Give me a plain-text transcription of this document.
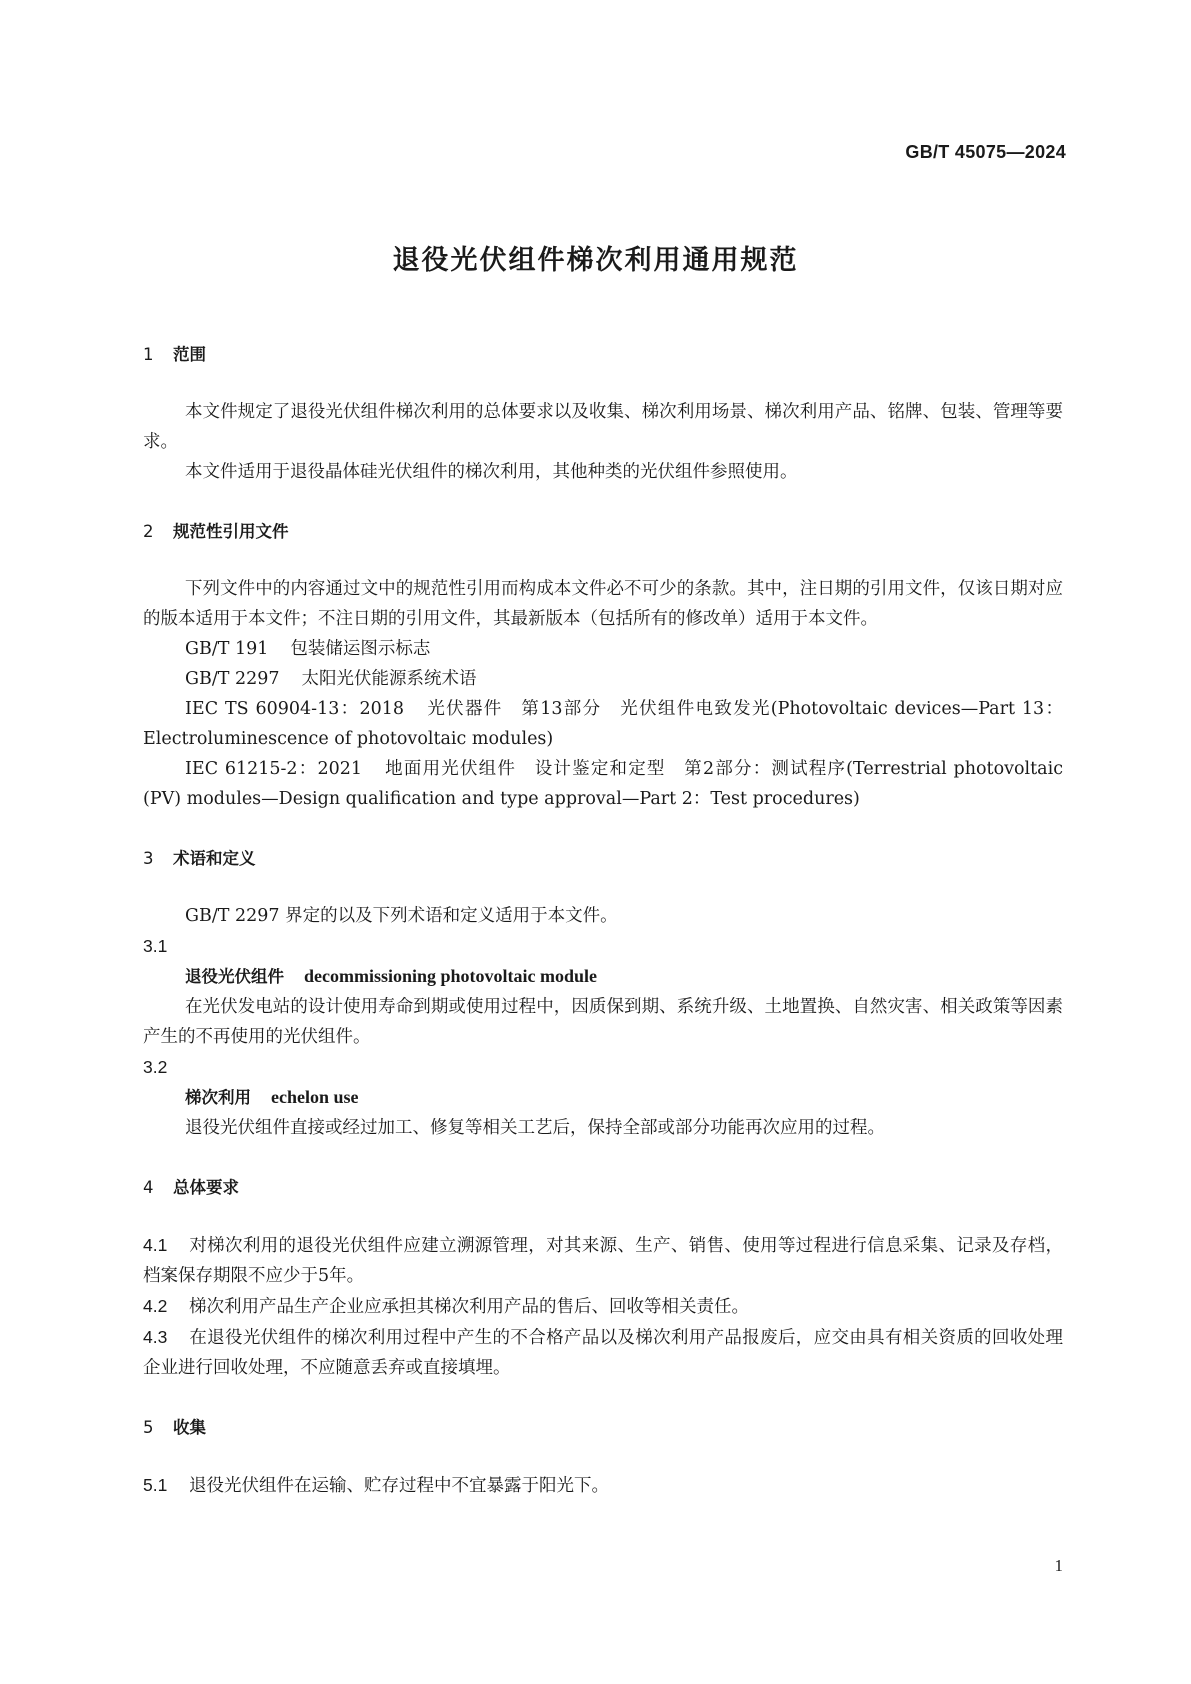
GB/T 45075—2024
退役光伏组件梯次利用通用规范
1 范围
本文件规定了退役光伏组件梯次利用的总体要求以及收集、梯次利用场景、梯次利用产品、铭牌、包装、管理等要求。
本文件适用于退役晶体硅光伏组件的梯次利用，其他种类的光伏组件参照使用。
2 规范性引用文件
下列文件中的内容通过文中的规范性引用而构成本文件必不可少的条款。其中，注日期的引用文件，仅该日期对应的版本适用于本文件；不注日期的引用文件，其最新版本（包括所有的修改单）适用于本文件。
GB/T 191 包装储运图示标志
GB/T 2297 太阳光伏能源系统术语
IEC TS 60904-13：2018 光伏器件　第13部分　光伏组件电致发光(Photovoltaic devices—Part 13：Electroluminescence of photovoltaic modules)
IEC 61215-2：2021 地面用光伏组件　设计鉴定和定型　第2部分：测试程序(Terrestrial photovoltaic (PV) modules—Design qualification and type approval—Part 2：Test procedures)
3 术语和定义
GB/T 2297 界定的以及下列术语和定义适用于本文件。
3.1
退役光伏组件 decommissioning photovoltaic module
在光伏发电站的设计使用寿命到期或使用过程中，因质保到期、系统升级、土地置换、自然灾害、相关政策等因素产生的不再使用的光伏组件。
3.2
梯次利用 echelon use
退役光伏组件直接或经过加工、修复等相关工艺后，保持全部或部分功能再次应用的过程。
4 总体要求
4.1 对梯次利用的退役光伏组件应建立溯源管理，对其来源、生产、销售、使用等过程进行信息采集、记录及存档，档案保存期限不应少于5年。
4.2 梯次利用产品生产企业应承担其梯次利用产品的售后、回收等相关责任。
4.3 在退役光伏组件的梯次利用过程中产生的不合格产品以及梯次利用产品报废后，应交由具有相关资质的回收处理企业进行回收处理，不应随意丢弃或直接填埋。
5 收集
5.1 退役光伏组件在运输、贮存过程中不宜暴露于阳光下。
1
